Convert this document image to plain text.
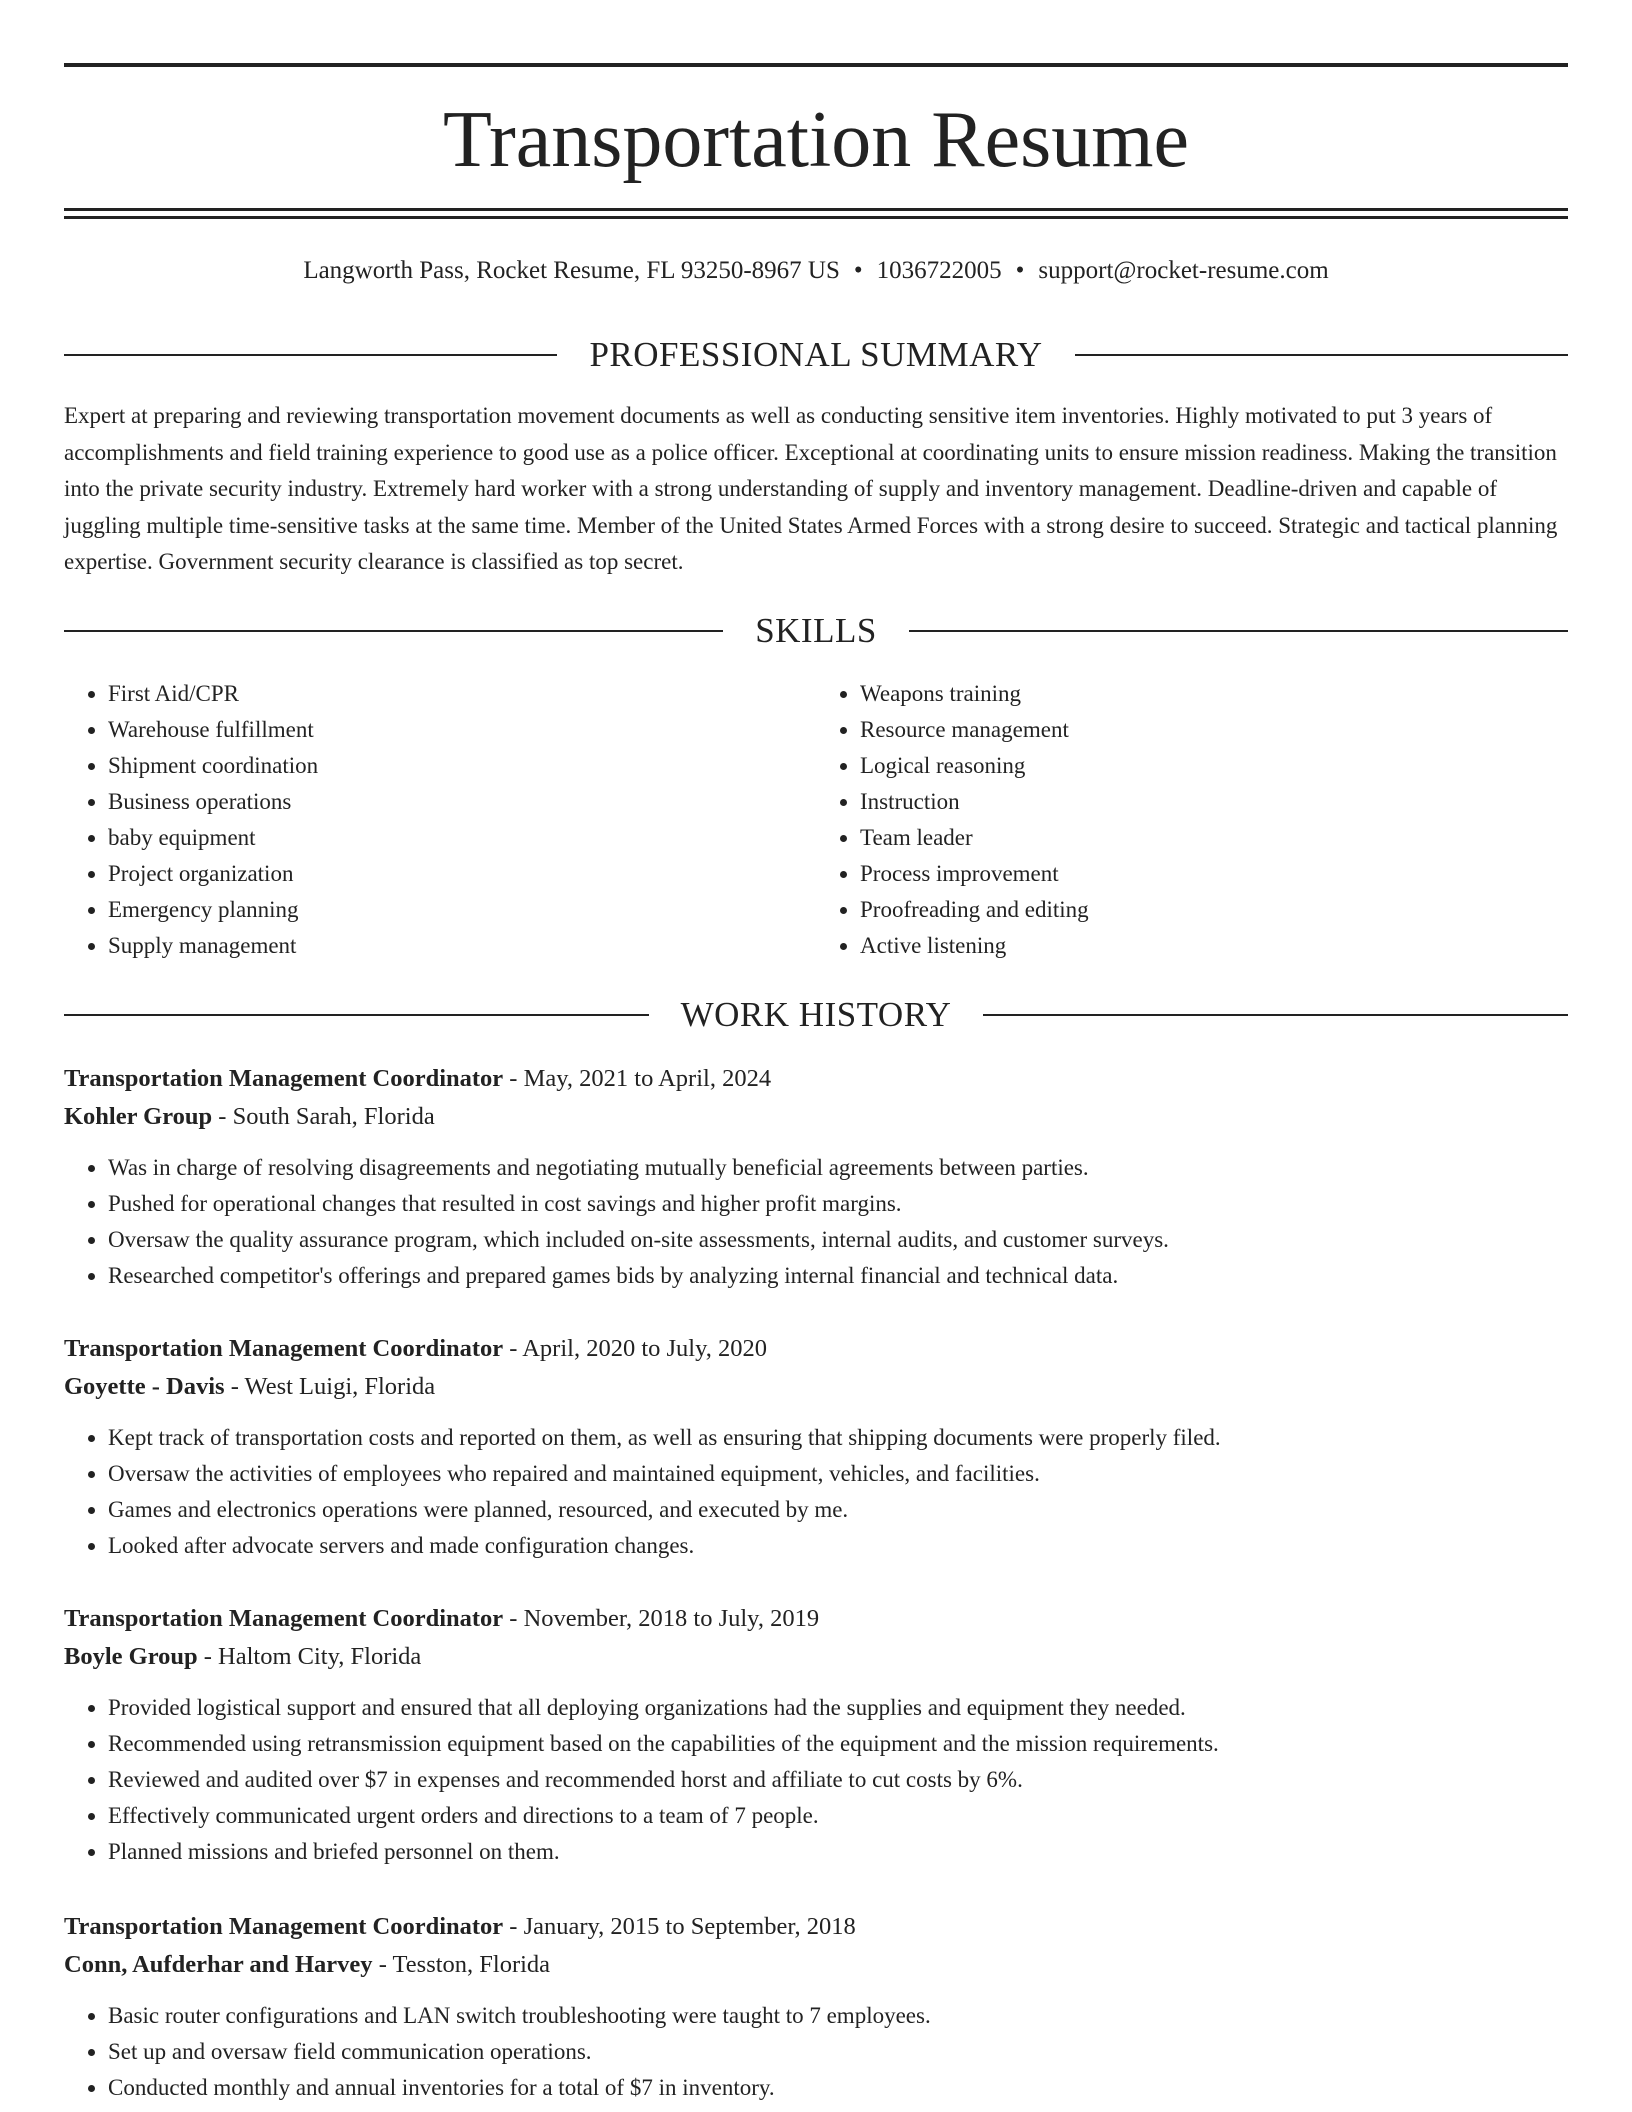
Transportation Resume
Langworth Pass, Rocket Resume, FL 93250-8967 US • 1036722005 • support@rocket-resume.com
PROFESSIONAL SUMMARY

Expert at preparing and reviewing transportation movement documents as well as conducting sensitive item inventories. Highly motivated to put 3 years of accomplishments and field training experience to good use as a police officer. Exceptional at coordinating units to ensure mission readiness. Making the transition into the private security industry. Extremely hard worker with a strong understanding of supply and inventory management. Deadline-driven and capable of juggling multiple time-sensitive tasks at the same time. Member of the United States Armed Forces with a strong desire to succeed. Strategic and tactical planning expertise. Government security clearance is classified as top secret.

SKILLS
• First Aid/CPR
• Warehouse fulfillment
• Shipment coordination
• Business operations
• baby equipment
• Project organization
• Emergency planning
• Supply management
• Weapons training
• Resource management
• Logical reasoning
• Instruction
• Team leader
• Process improvement
• Proofreading and editing
• Active listening
WORK HISTORY

Transportation Management Coordinator - May, 2021 to April, 2024

Kohler Group - South Sarah, Florida

• Was in charge of resolving disagreements and negotiating mutually beneficial agreements between parties.
• Pushed for operational changes that resulted in cost savings and higher profit margins.
• Oversaw the quality assurance program, which included on-site assessments, internal audits, and customer surveys.
• Researched competitor's offerings and prepared games bids by analyzing internal financial and technical data.

Transportation Management Coordinator - April, 2020 to July, 2020

Goyette - Davis - West Luigi, Florida

• Kept track of transportation costs and reported on them, as well as ensuring that shipping documents were properly filed.
• Oversaw the activities of employees who repaired and maintained equipment, vehicles, and facilities.
• Games and electronics operations were planned, resourced, and executed by me.
• Looked after advocate servers and made configuration changes.

Transportation Management Coordinator - November, 2018 to July, 2019

Boyle Group - Haltom City, Florida

• Provided logistical support and ensured that all deploying organizations had the supplies and equipment they needed.
• Recommended using retransmission equipment based on the capabilities of the equipment and the mission requirements.
• Reviewed and audited over $7 in expenses and recommended horst and affiliate to cut costs by 6%.
• Effectively communicated urgent orders and directions to a team of 7 people.
• Planned missions and briefed personnel on them.

Transportation Management Coordinator - January, 2015 to September, 2018

Conn, Aufderhar and Harvey - Tesston, Florida

• Basic router configurations and LAN switch troubleshooting were taught to 7 employees.
• Set up and oversaw field communication operations.
• Conducted monthly and annual inventories for a total of $7 in inventory.
